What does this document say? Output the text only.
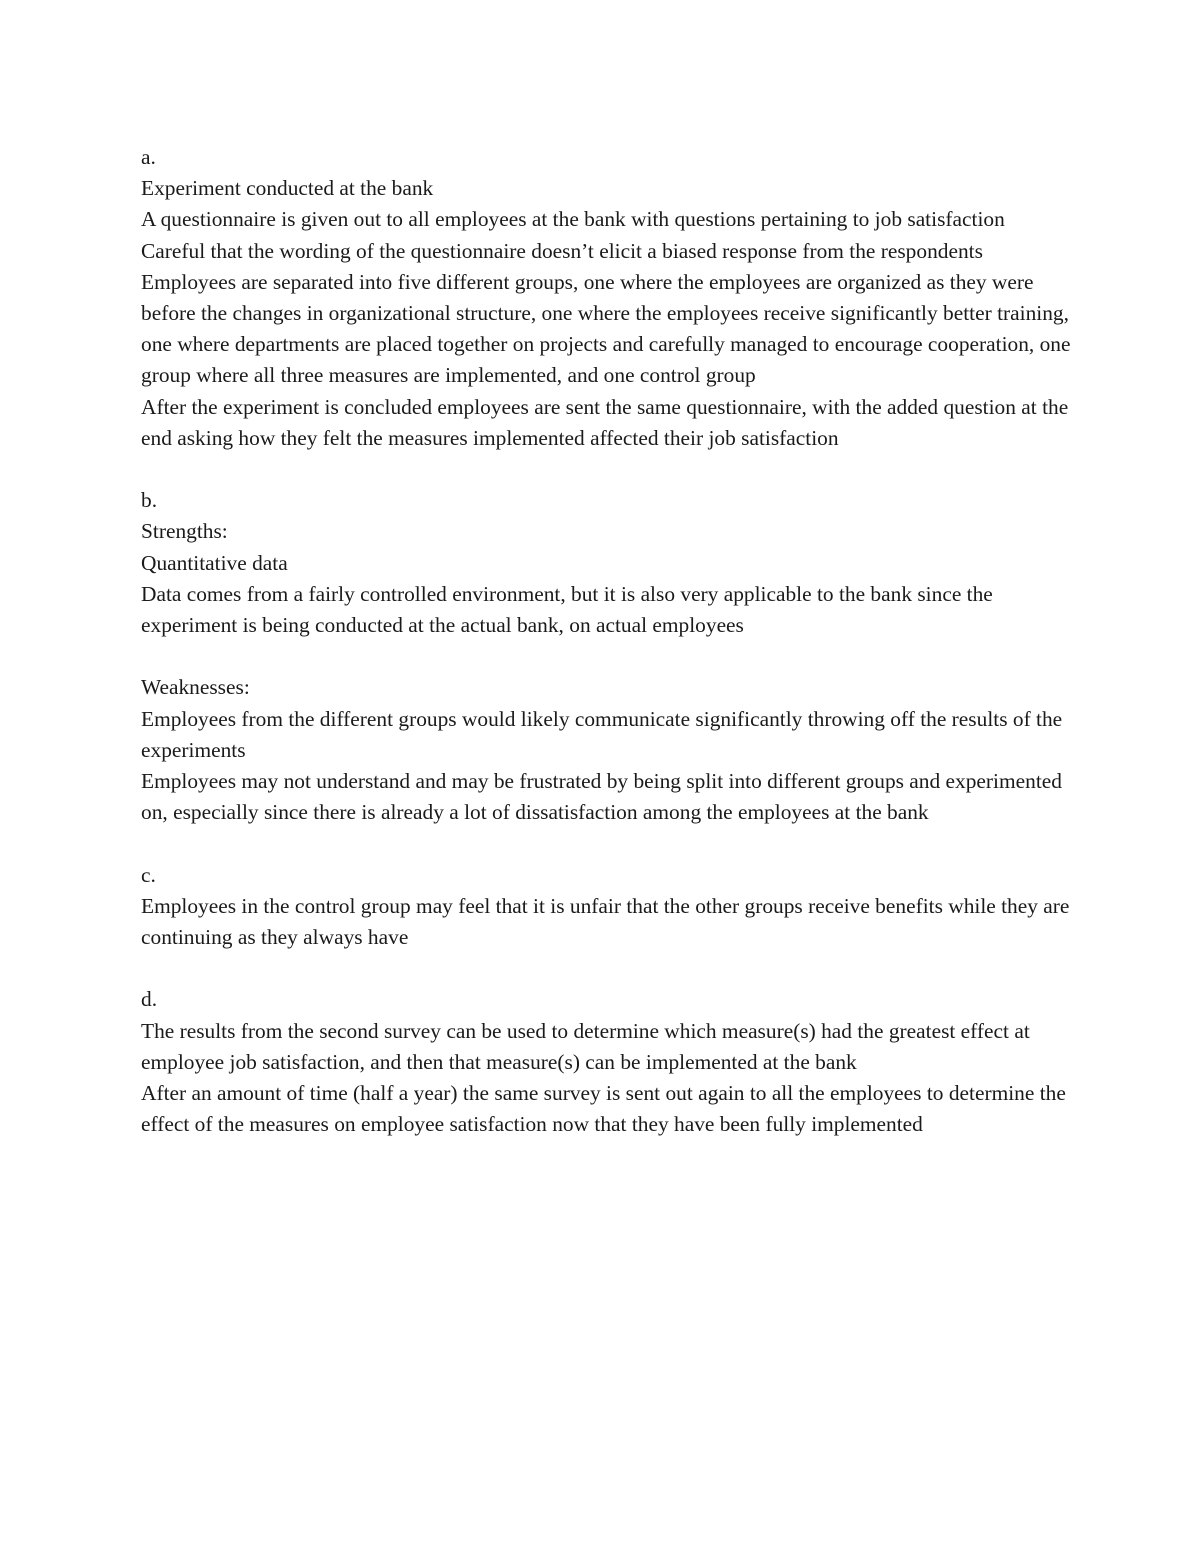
a.

Experiment conducted at the bank

A questionnaire is given out to all employees at the bank with questions pertaining to job satisfaction

Careful that the wording of the questionnaire doesn’t elicit a biased response from the respondents

Employees are separated into five different groups, one where the employees are organized as they were before the changes in organizational structure, one where the employees receive significantly better training, one where departments are placed together on projects and carefully managed to encourage cooperation, one group where all three measures are implemented, and one control group

After the experiment is concluded employees are sent the same questionnaire, with the added question at the end asking how they felt the measures implemented affected their job satisfaction

b.

Strengths:

Quantitative data

Data comes from a fairly controlled environment, but it is also very applicable to the bank since the experiment is being conducted at the actual bank, on actual employees

Weaknesses:

Employees from the different groups would likely communicate significantly throwing off the results of the experiments

Employees may not understand and may be frustrated by being split into different groups and experimented on, especially since there is already a lot of dissatisfaction among the employees at the bank

c.

Employees in the control group may feel that it is unfair that the other groups receive benefits while they are continuing as they always have

d.

The results from the second survey can be used to determine which measure(s) had the greatest effect at employee job satisfaction, and then that measure(s) can be implemented at the bank

After an amount of time (half a year) the same survey is sent out again to all the employees to determine the effect of the measures on employee satisfaction now that they have been fully implemented
